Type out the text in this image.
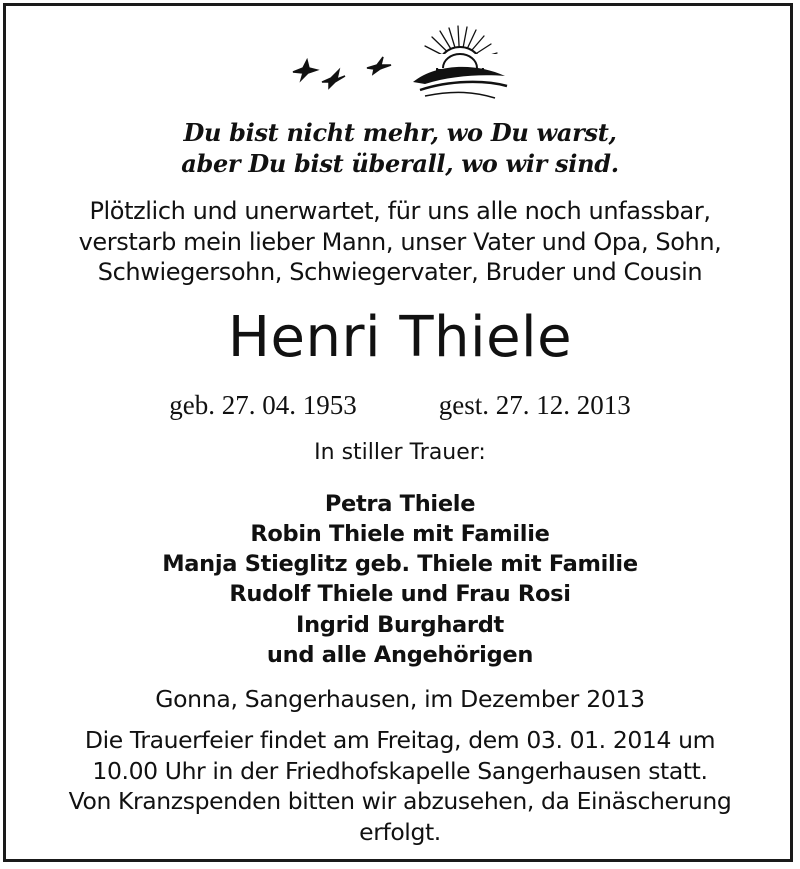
Du bist nicht mehr, wo Du warst,
aber Du bist überall, wo wir sind.
Plötzlich und unerwartet, für uns alle noch unfassbar,
verstarb mein lieber Mann, unser Vater und Opa, Sohn,
Schwiegersohn, Schwiegervater, Bruder und Cousin
Henri Thiele
geb. 27. 04. 1953	gest. 27. 12. 2013
In stiller Trauer:
Petra Thiele
Robin Thiele mit Familie
Manja Stieglitz geb. Thiele mit Familie
Rudolf Thiele und Frau Rosi
Ingrid Burghardt
und alle Angehörigen
Gonna, Sangerhausen, im Dezember 2013
Die Trauerfeier findet am Freitag, dem 03. 01. 2014 um
10.00 Uhr in der Friedhofskapelle Sangerhausen statt.
Von Kranzspenden bitten wir abzusehen, da Einäscherung
erfolgt.
